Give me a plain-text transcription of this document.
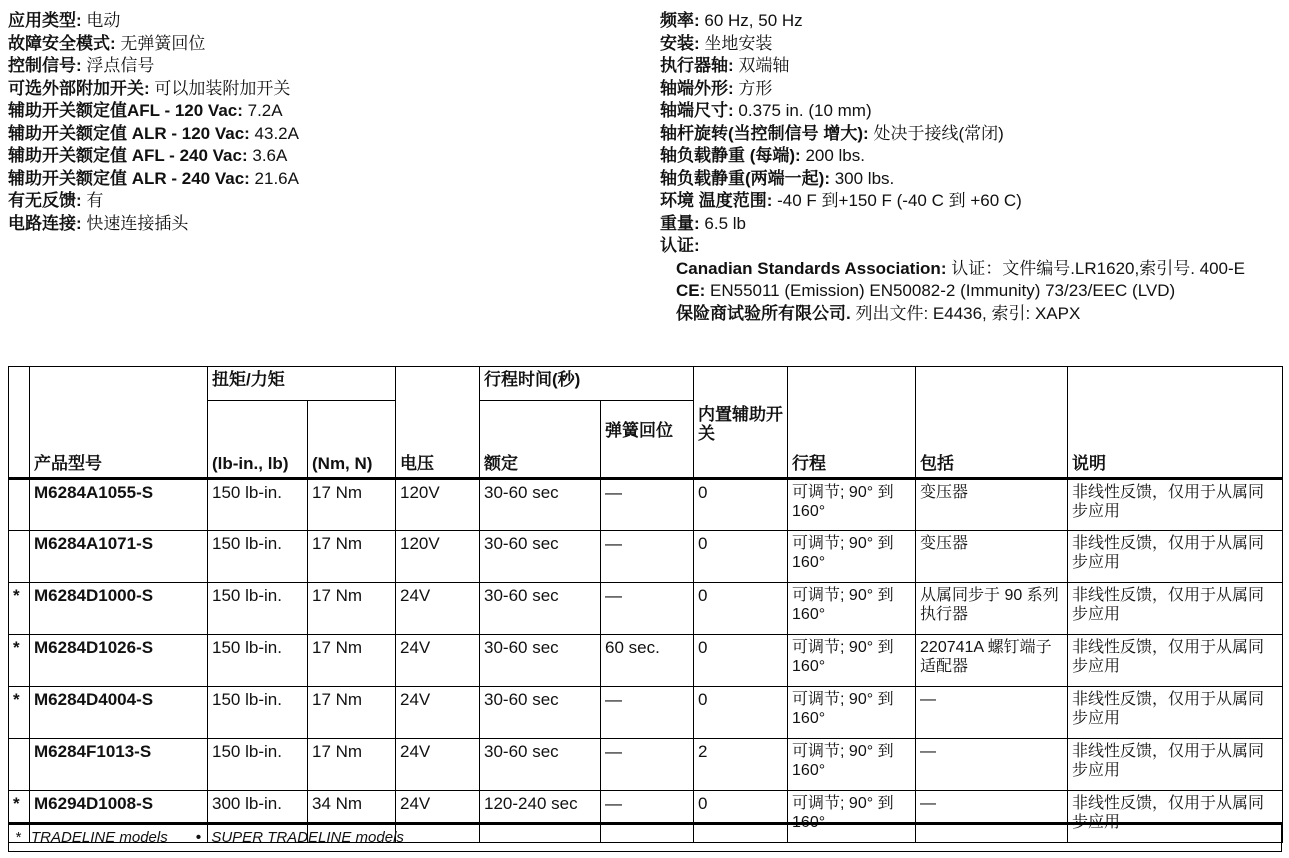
应用类型: 电动
故障安全模式: 无弹簧回位
控制信号: 浮点信号
可选外部附加开关: 可以加装附加开关
辅助开关额定值AFL - 120 Vac: 7.2A
辅助开关额定值 ALR - 120 Vac: 43.2A
辅助开关额定值 AFL - 240 Vac: 3.6A
辅助开关额定值 ALR - 240 Vac: 21.6A
有无反馈: 有
电路连接: 快速连接插头
频率: 60 Hz, 50 Hz
安装: 坐地安装
执行器轴: 双端轴
轴端外形: 方形
轴端尺寸: 0.375 in. (10 mm)
轴杆旋转(当控制信号 增大): 处决于接线(常闭)
轴负载静重 (每端): 200 lbs.
轴负载静重(两端一起): 300 lbs.
环境 温度范围: -40 F 到+150 F (-40 C 到 +60 C)
重量: 6.5 lb
认证:
Canadian Standards Association: 认证：文件编号.LR1620,索引号. 400-E
CE: EN55011 (Emission) EN50082-2 (Immunity) 73/23/EEC (LVD)
保险商试验所有限公司. 列出文件: E4436, 索引: XAPX
	产品型号	扭矩/力矩		电压	行程时间(秒)		内置辅助开关	行程	包括	说明
		(lb-in., lb)	(Nm, N)		额定	弹簧回位				
	M6284A1055-S	150 lb-in.	17 Nm	120V	30-60 sec	—	0	可调节; 90° 到 160°	变压器	非线性反馈，仅用于从属同步应用
	M6284A1071-S	150 lb-in.	17 Nm	120V	30-60 sec	—	0	可调节; 90° 到 160°	变压器	非线性反馈，仅用于从属同步应用
*	M6284D1000-S	150 lb-in.	17 Nm	24V	30-60 sec	—	0	可调节; 90° 到 160°	从属同步于 90 系列执行器	非线性反馈，仅用于从属同步应用
*	M6284D1026-S	150 lb-in.	17 Nm	24V	30-60 sec	60 sec.	0	可调节; 90° 到 160°	220741A 螺钉端子适配器	非线性反馈，仅用于从属同步应用
*	M6284D4004-S	150 lb-in.	17 Nm	24V	30-60 sec	—	0	可调节; 90° 到 160°	—	非线性反馈，仅用于从属同步应用
	M6284F1013-S	150 lb-in.	17 Nm	24V	30-60 sec	—	2	可调节; 90° 到 160°	—	非线性反馈，仅用于从属同步应用
*	M6294D1008-S	300 lb-in.	34 Nm	24V	120-240 sec	—	0	可调节; 90° 到 160°	—	非线性反馈，仅用于从属同步应用
* TRADELINE models • SUPER TRADELINE models
